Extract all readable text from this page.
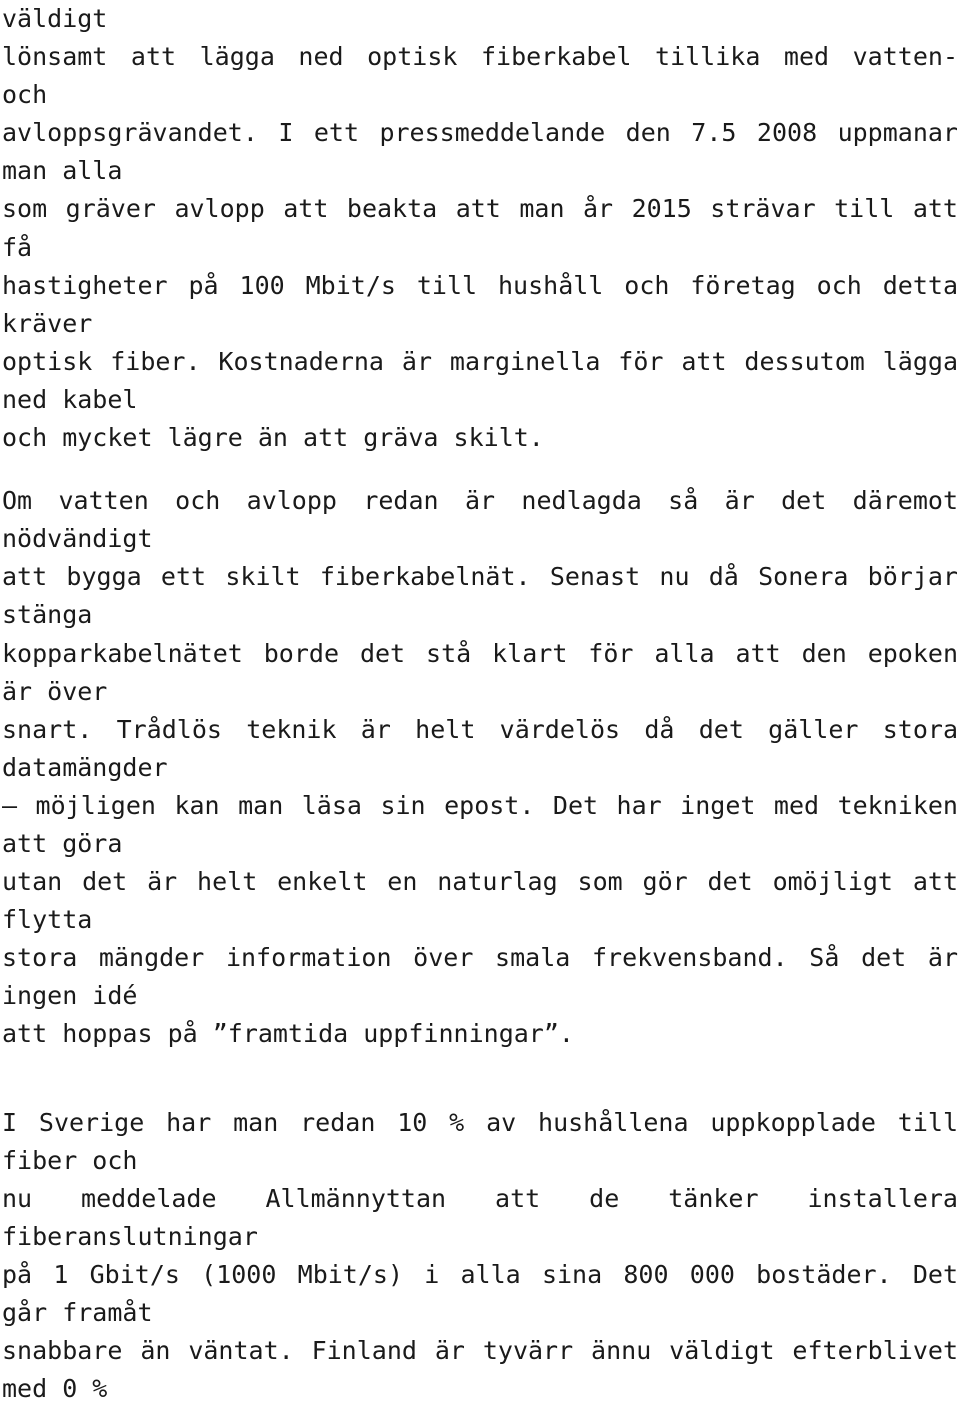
väldigt
lönsamt att lägga ned optisk fiberkabel tillika med vatten-
och
avloppsgrävandet. I ett pressmeddelande den 7.5 2008 uppmanar
man alla
som gräver avlopp att beakta att man år 2015 strävar till att
få
hastigheter på 100 Mbit/s till hushåll och företag och detta
kräver
optisk fiber. Kostnaderna är marginella för att dessutom lägga
ned kabel
och mycket lägre än att gräva skilt.
Om vatten och avlopp redan är nedlagda så är det däremot
nödvändigt
att bygga ett skilt fiberkabelnät. Senast nu då Sonera börjar
stänga
kopparkabelnätet borde det stå klart för alla att den epoken
är över
snart. Trådlös teknik är helt värdelös då det gäller stora
datamängder
– möjligen kan man läsa sin epost. Det har inget med tekniken
att göra
utan det är helt enkelt en naturlag som gör det omöjligt att
flytta
stora mängder information över smala frekvensband. Så det är
ingen idé
att hoppas på ”framtida uppfinningar”.
I Sverige har man redan 10 % av hushållena uppkopplade till
fiber och
nu meddelade Allmännyttan att de tänker installera
fiberanslutningar
på 1 Gbit/s (1000 Mbit/s) i alla sina 800 000 bostäder. Det
går framåt
snabbare än väntat. Finland är tyvärr ännu väldigt efterblivet
med 0 %
